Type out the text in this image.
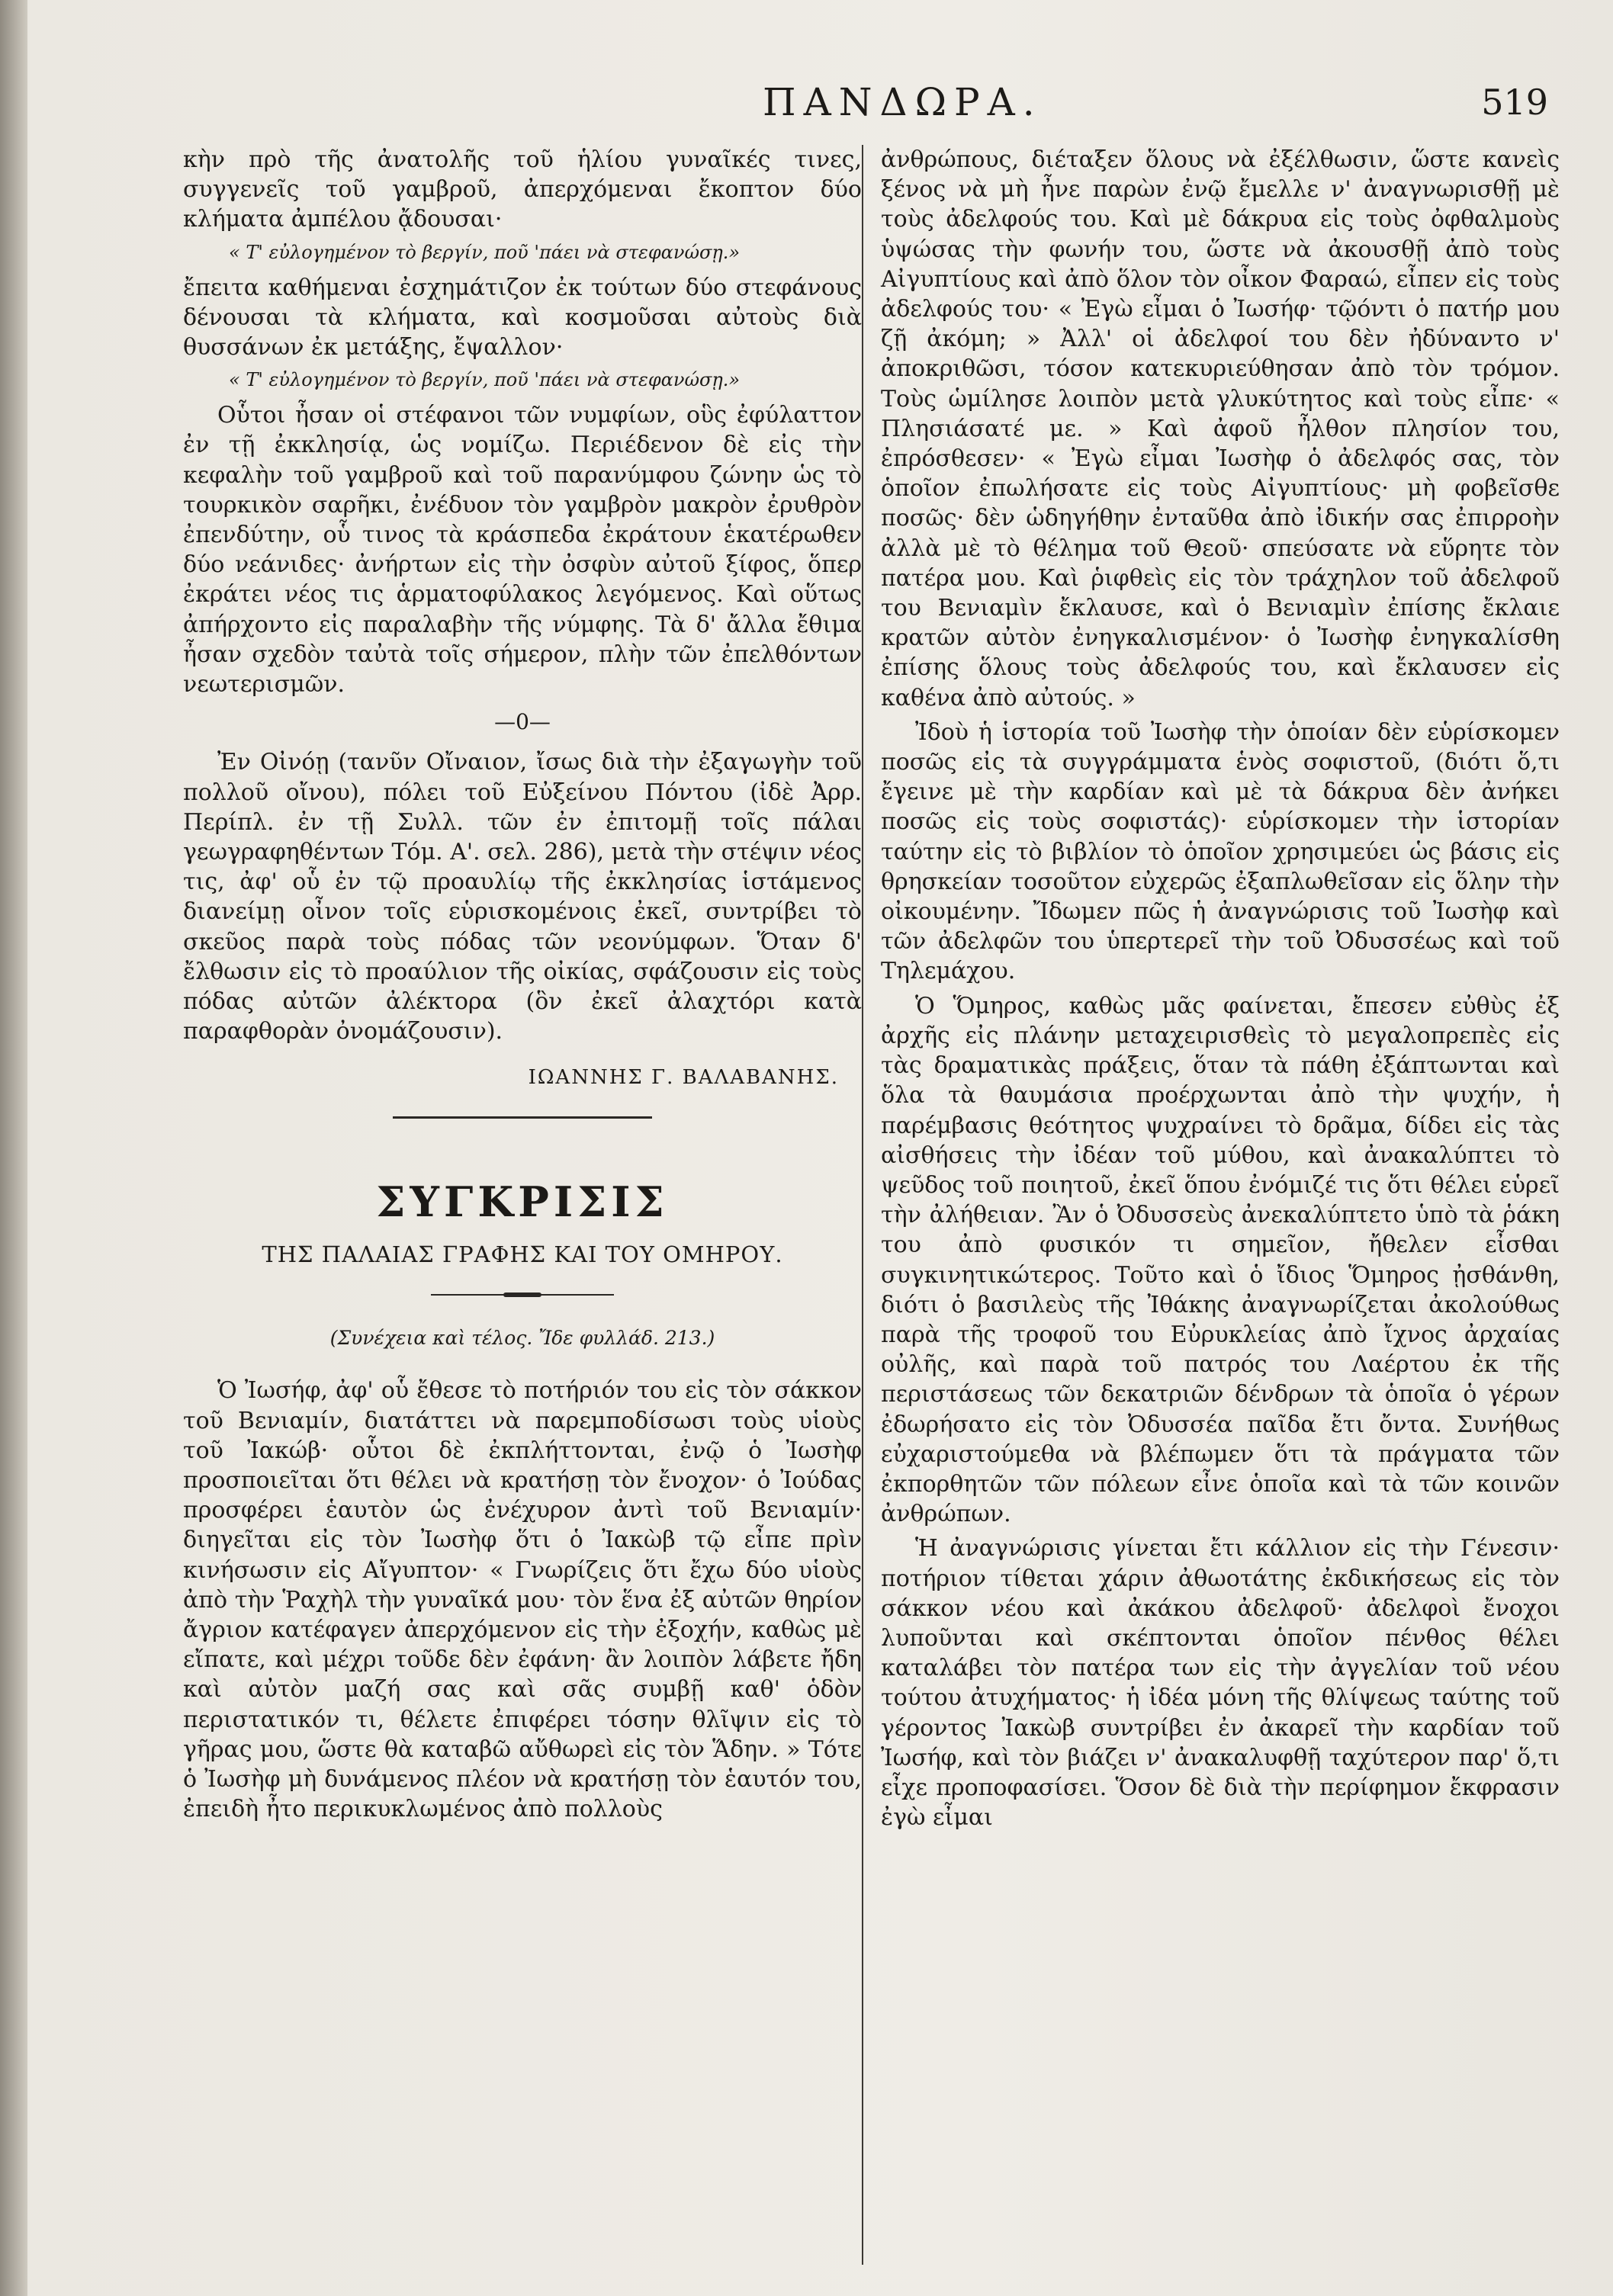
ΠΑΝΔΩΡΑ.	519

κὴν πρὸ τῆς ἀνατολῆς τοῦ ἡλίου γυναῖκές τινες, συγγενεῖς τοῦ γαμβροῦ, ἀπερχόμεναι ἔκοπτον δύο κλήματα ἀμπέλου ᾄδουσαι·

« Τ' εὐλογημένον τὸ βεργίν, ποῦ 'πάει νὰ στεφανώσῃ.»

ἔπειτα καθήμεναι ἐσχημάτιζον ἐκ τούτων δύο στεφάνους δένουσαι τὰ κλήματα, καὶ κοσμοῦσαι αὐτοὺς διὰ θυσσάνων ἐκ μετάξης, ἔψαλλον·

« Τ' εὐλογημένον τὸ βεργίν, ποῦ 'πάει νὰ στεφανώσῃ.»

Οὗτοι ἦσαν οἱ στέφανοι τῶν νυμφίων, οὓς ἐφύλαττον ἐν τῇ ἐκκλησίᾳ, ὡς νομίζω. Περιέδενον δὲ εἰς τὴν κεφαλὴν τοῦ γαμβροῦ καὶ τοῦ παρανύμφου ζώνην ὡς τὸ τουρκικὸν σαρῆκι, ἐνέδυον τὸν γαμβρὸν μακρὸν ἐρυθρὸν ἐπενδύτην, οὗ τινος τὰ κράσπεδα ἐκράτουν ἑκατέρωθεν δύο νεάνιδες· ἀνήρτων εἰς τὴν ὀσφὺν αὐτοῦ ξίφος, ὅπερ ἐκράτει νέος τις ἁρματοφύλακος λεγόμενος. Καὶ οὕτως ἀπήρχοντο εἰς παραλαβὴν τῆς νύμφης. Τὰ δ' ἄλλα ἔθιμα ἦσαν σχεδὸν ταὐτὰ τοῖς σήμερον, πλὴν τῶν ἐπελθόντων νεωτερισμῶν.

—0—

Ἐν Οἰνόῃ (τανῦν Οἴναιον, ἴσως διὰ τὴν ἐξαγωγὴν τοῦ πολλοῦ οἴνου), πόλει τοῦ Εὐξείνου Πόντου (ἰδὲ Ἀρρ. Περίπλ. ἐν τῇ Συλλ. τῶν ἐν ἐπιτομῇ τοῖς πάλαι γεωγραφηθέντων Τόμ. Α'. σελ. 286), μετὰ τὴν στέψιν νέος τις, ἀφ' οὗ ἐν τῷ προαυλίῳ τῆς ἐκκλησίας ἱστάμενος διανείμῃ οἶνον τοῖς εὑρισκομένοις ἐκεῖ, συντρίβει τὸ σκεῦος παρὰ τοὺς πόδας τῶν νεονύμφων. Ὅταν δ' ἔλθωσιν εἰς τὸ προαύλιον τῆς οἰκίας, σφάζουσιν εἰς τοὺς πόδας αὐτῶν ἀλέκτορα (ὃν ἐκεῖ ἀλαχτόρι κατὰ παραφθορὰν ὀνομάζουσιν).

ΙΩΑΝΝΗΣ Γ. ΒΑΛΑΒΑΝΗΣ.
ΣΥΓΚΡΙΣΙΣ
ΤΗΣ ΠΑΛΑΙΑΣ ΓΡΑΦΗΣ ΚΑΙ ΤΟΥ ΟΜΗΡΟΥ.
(Συνέχεια καὶ τέλος. Ἴδε φυλλάδ. 213.)

Ὁ Ἰωσήφ, ἀφ' οὗ ἔθεσε τὸ ποτήριόν του εἰς τὸν σάκκον τοῦ Βενιαμίν, διατάττει νὰ παρεμποδίσωσι τοὺς υἱοὺς τοῦ Ἰακώβ· οὗτοι δὲ ἐκπλήττονται, ἐνῷ ὁ Ἰωσὴφ προσποιεῖται ὅτι θέλει νὰ κρατήσῃ τὸν ἔνοχον· ὁ Ἰούδας προσφέρει ἑαυτὸν ὡς ἐνέχυρον ἀντὶ τοῦ Βενιαμίν· διηγεῖται εἰς τὸν Ἰωσὴφ ὅτι ὁ Ἰακὼβ τῷ εἶπε πρὶν κινήσωσιν εἰς Αἴγυπτον· « Γνωρίζεις ὅτι ἔχω δύο υἱοὺς ἀπὸ τὴν Ῥαχὴλ τὴν γυναῖκά μου· τὸν ἕνα ἐξ αὐτῶν θηρίον ἄγριον κατέφαγεν ἀπερχόμενον εἰς τὴν ἐξοχήν, καθὼς μὲ εἴπατε, καὶ μέχρι τοῦδε δὲν ἐφάνη· ἂν λοιπὸν λάβετε ἤδη καὶ αὐτὸν μαζή σας καὶ σᾶς συμβῇ καθ' ὁδὸν περιστατικόν τι, θέλετε ἐπιφέρει τόσην θλῖψιν εἰς τὸ γῆρας μου, ὥστε θὰ καταβῶ αὔθωρεὶ εἰς τὸν Ἅδην. » Τότε ὁ Ἰωσὴφ μὴ δυνάμενος πλέον νὰ κρατήσῃ τὸν ἑαυτόν του, ἐπειδὴ ἦτο περικυκλωμένος ἀπὸ πολλοὺς

ἀνθρώπους, διέταξεν ὅλους νὰ ἐξέλθωσιν, ὥστε κανεὶς ξένος νὰ μὴ ἦνε παρὼν ἐνῷ ἔμελλε ν' ἀναγνωρισθῇ μὲ τοὺς ἀδελφούς του. Καὶ μὲ δάκρυα εἰς τοὺς ὀφθαλμοὺς ὑψώσας τὴν φωνήν του, ὥστε νὰ ἀκουσθῇ ἀπὸ τοὺς Αἰγυπτίους καὶ ἀπὸ ὅλον τὸν οἶκον Φαραώ, εἶπεν εἰς τοὺς ἀδελφούς του· « Ἐγὼ εἶμαι ὁ Ἰωσήφ· τῷόντι ὁ πατήρ μου ζῇ ἀκόμη; » Ἀλλ' οἱ ἀδελφοί του δὲν ἠδύναντο ν' ἀποκριθῶσι, τόσον κατεκυριεύθησαν ἀπὸ τὸν τρόμον. Τοὺς ὡμίλησε λοιπὸν μετὰ γλυκύτητος καὶ τοὺς εἶπε· « Πλησιάσατέ με. » Καὶ ἀφοῦ ἦλθον πλησίον του, ἐπρόσθεσεν· « Ἐγὼ εἶμαι Ἰωσὴφ ὁ ἀδελφός σας, τὸν ὁποῖον ἐπωλήσατε εἰς τοὺς Αἰγυπτίους· μὴ φοβεῖσθε ποσῶς· δὲν ὡδηγήθην ἐνταῦθα ἀπὸ ἰδικήν σας ἐπιρροὴν ἀλλὰ μὲ τὸ θέλημα τοῦ Θεοῦ· σπεύσατε νὰ εὕρητε τὸν πατέρα μου. Καὶ ῥιφθεὶς εἰς τὸν τράχηλον τοῦ ἀδελφοῦ του Βενιαμὶν ἔκλαυσε, καὶ ὁ Βενιαμὶν ἐπίσης ἔκλαιε κρατῶν αὐτὸν ἐνηγκαλισμένον· ὁ Ἰωσὴφ ἐνηγκαλίσθη ἐπίσης ὅλους τοὺς ἀδελφούς του, καὶ ἔκλαυσεν εἰς καθένα ἀπὸ αὐτούς. »

Ἰδοὺ ἡ ἱστορία τοῦ Ἰωσὴφ τὴν ὁποίαν δὲν εὑρίσκομεν ποσῶς εἰς τὰ συγγράμματα ἑνὸς σοφιστοῦ, (διότι ὅ,τι ἔγεινε μὲ τὴν καρδίαν καὶ μὲ τὰ δάκρυα δὲν ἀνήκει ποσῶς εἰς τοὺς σοφιστάς)· εὑρίσκομεν τὴν ἱστορίαν ταύτην εἰς τὸ βιβλίον τὸ ὁποῖον χρησιμεύει ὡς βάσις εἰς θρησκείαν τοσοῦτον εὐχερῶς ἐξαπλωθεῖσαν εἰς ὅλην τὴν οἰκουμένην. Ἴδωμεν πῶς ἡ ἀναγνώρισις τοῦ Ἰωσὴφ καὶ τῶν ἀδελφῶν του ὑπερτερεῖ τὴν τοῦ Ὀδυσσέως καὶ τοῦ Τηλεμάχου.

Ὁ Ὅμηρος, καθὼς μᾶς φαίνεται, ἔπεσεν εὐθὺς ἐξ ἀρχῆς εἰς πλάνην μεταχειρισθεὶς τὸ μεγαλοπρεπὲς εἰς τὰς δραματικὰς πράξεις, ὅταν τὰ πάθη ἐξάπτωνται καὶ ὅλα τὰ θαυμάσια προέρχωνται ἀπὸ τὴν ψυχήν, ἡ παρέμβασις θεότητος ψυχραίνει τὸ δρᾶμα, δίδει εἰς τὰς αἰσθήσεις τὴν ἰδέαν τοῦ μύθου, καὶ ἀνακαλύπτει τὸ ψεῦδος τοῦ ποιητοῦ, ἐκεῖ ὅπου ἐνόμιζέ τις ὅτι θέλει εὑρεῖ τὴν ἀλήθειαν. Ἂν ὁ Ὀδυσσεὺς ἀνεκαλύπτετο ὑπὸ τὰ ῥάκη του ἀπὸ φυσικόν τι σημεῖον, ἤθελεν εἶσθαι συγκινητικώτερος. Τοῦτο καὶ ὁ ἴδιος Ὅμηρος ᾐσθάνθη, διότι ὁ βασιλεὺς τῆς Ἰθάκης ἀναγνωρίζεται ἀκολούθως παρὰ τῆς τροφοῦ του Εὐρυκλείας ἀπὸ ἴχνος ἀρχαίας οὐλῆς, καὶ παρὰ τοῦ πατρός του Λαέρτου ἐκ τῆς περιστάσεως τῶν δεκατριῶν δένδρων τὰ ὁποῖα ὁ γέρων ἐδωρήσατο εἰς τὸν Ὀδυσσέα παῖδα ἔτι ὄντα. Συνήθως εὐχαριστούμεθα νὰ βλέπωμεν ὅτι τὰ πράγματα τῶν ἐκπορθητῶν τῶν πόλεων εἶνε ὁποῖα καὶ τὰ τῶν κοινῶν ἀνθρώπων.

Ἡ ἀναγνώρισις γίνεται ἔτι κάλλιον εἰς τὴν Γένεσιν· ποτήριον τίθεται χάριν ἀθωοτάτης ἐκδικήσεως εἰς τὸν σάκκον νέου καὶ ἀκάκου ἀδελφοῦ· ἀδελφοὶ ἔνοχοι λυποῦνται καὶ σκέπτονται ὁποῖον πένθος θέλει καταλάβει τὸν πατέρα των εἰς τὴν ἀγγελίαν τοῦ νέου τούτου ἀτυχήματος· ἡ ἰδέα μόνη τῆς θλίψεως ταύτης τοῦ γέροντος Ἰακὼβ συντρίβει ἐν ἀκαρεῖ τὴν καρδίαν τοῦ Ἰωσήφ, καὶ τὸν βιάζει ν' ἀνακαλυφθῇ ταχύτερον παρ' ὅ,τι εἶχε προποφασίσει. Ὅσον δὲ διὰ τὴν περίφημον ἔκφρασιν ἐγὼ εἶμαι
